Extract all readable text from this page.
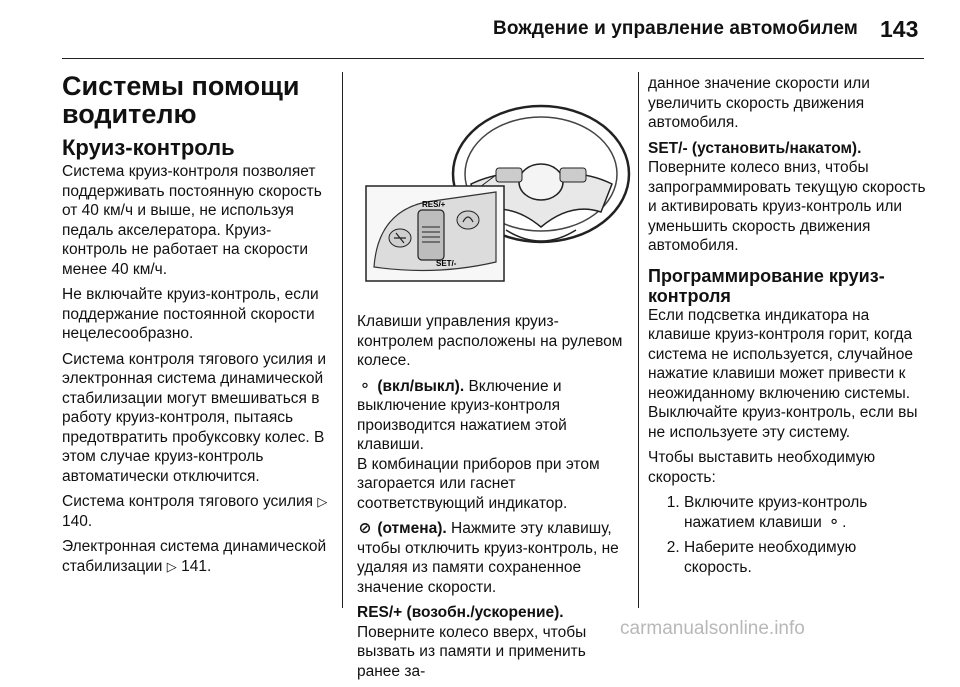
Вождение и управление автомобилем 143
Системы помощи водителю
Круиз-контроль

Система круиз-контроля позволяет поддерживать постоянную скорость от 40 км/ч и выше, не используя педаль акселератора. Круиз-контроль не работает на скорости менее 40 км/ч.

Не включайте круиз-контроль, если поддержание постоянной скорости нецелесообразно.

Система контроля тягового усилия и электронная система динамической стабилизации могут вмешиваться в работу круиз-контроля, пытаясь предотвратить пробуксовку колес. В этом случае круиз-контроль автоматически отключится.

Система контроля тягового усилия ▷ 140.

Электронная система динамической стабилизации ▷ 141.

RES/+
SET/-

Клавиши управления круиз-контролем расположены на рулевом колесе.

⚬ (вкл/выкл). Включение и выключение круиз-контроля производится нажатием этой клавиши.
В комбинации приборов при этом загорается или гаснет соответствующий индикатор.

⊘ (отмена). Нажмите эту клавишу, чтобы отключить круиз-контроль, не удаляя из памяти сохраненное значение скорости.

RES/+ (возобн./ускорение). Поверните колесо вверх, чтобы вызвать из памяти и применить ранее за-

данное значение скорости или увеличить скорость движения автомобиля.

SET/- (установить/накатом). Поверните колесо вниз, чтобы запрограммировать текущую скорость и активировать круиз-контроль или уменьшить скорость движения автомобиля.

Программирование круиз-контроля

Если подсветка индикатора на клавише круиз-контроля горит, когда система не используется, случайное нажатие клавиши может привести к неожиданному включению системы. Выключайте круиз-контроль, если вы не используете эту систему.

Чтобы выставить необходимую скорость:

1. Включите круиз-контроль нажатием клавиши ⚬.
2. Наберите необходимую скорость.
carmanualsonline.info
